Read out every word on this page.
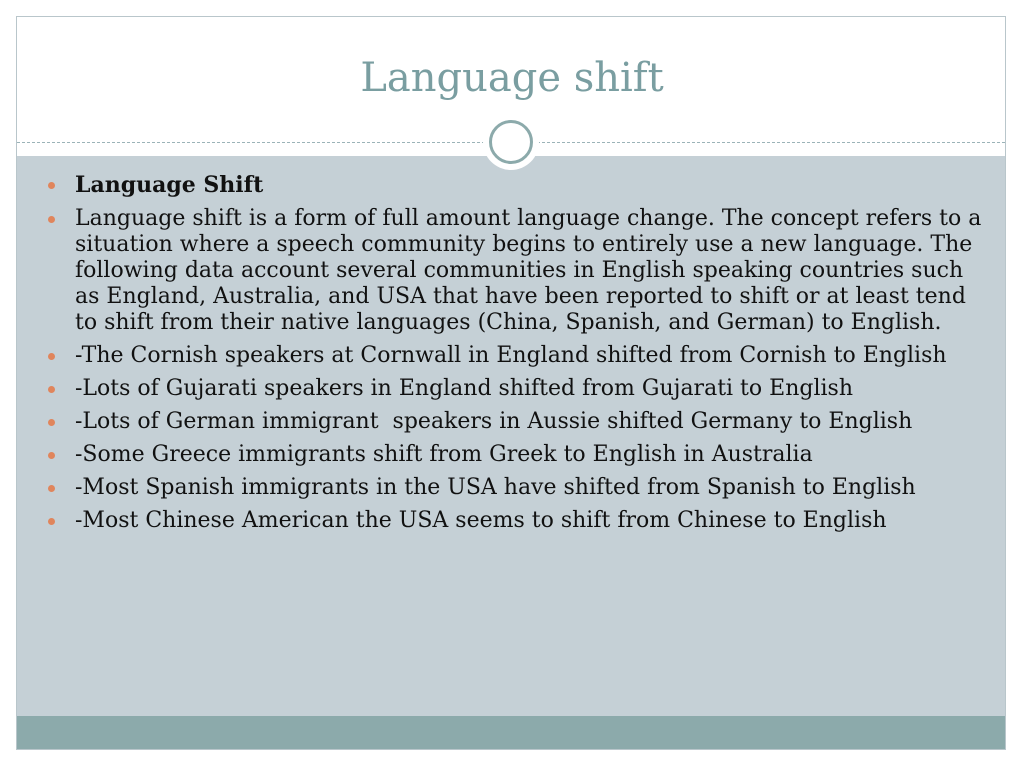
Language shift
Language Shift
Language shift is a form of full amount language change. The concept refers to a situation where a speech community begins to entirely use a new language. The following data account several communities in English speaking countries such as England, Australia, and USA that have been reported to shift or at least tend to shift from their native languages (China, Spanish, and German) to English.
-The Cornish speakers at Cornwall in England shifted from Cornish to English
-Lots of Gujarati speakers in England shifted from Gujarati to English
-Lots of German immigrant  speakers in Aussie shifted Germany to English
-Some Greece immigrants shift from Greek to English in Australia
-Most Spanish immigrants in the USA have shifted from Spanish to English
-Most Chinese American the USA seems to shift from Chinese to English
